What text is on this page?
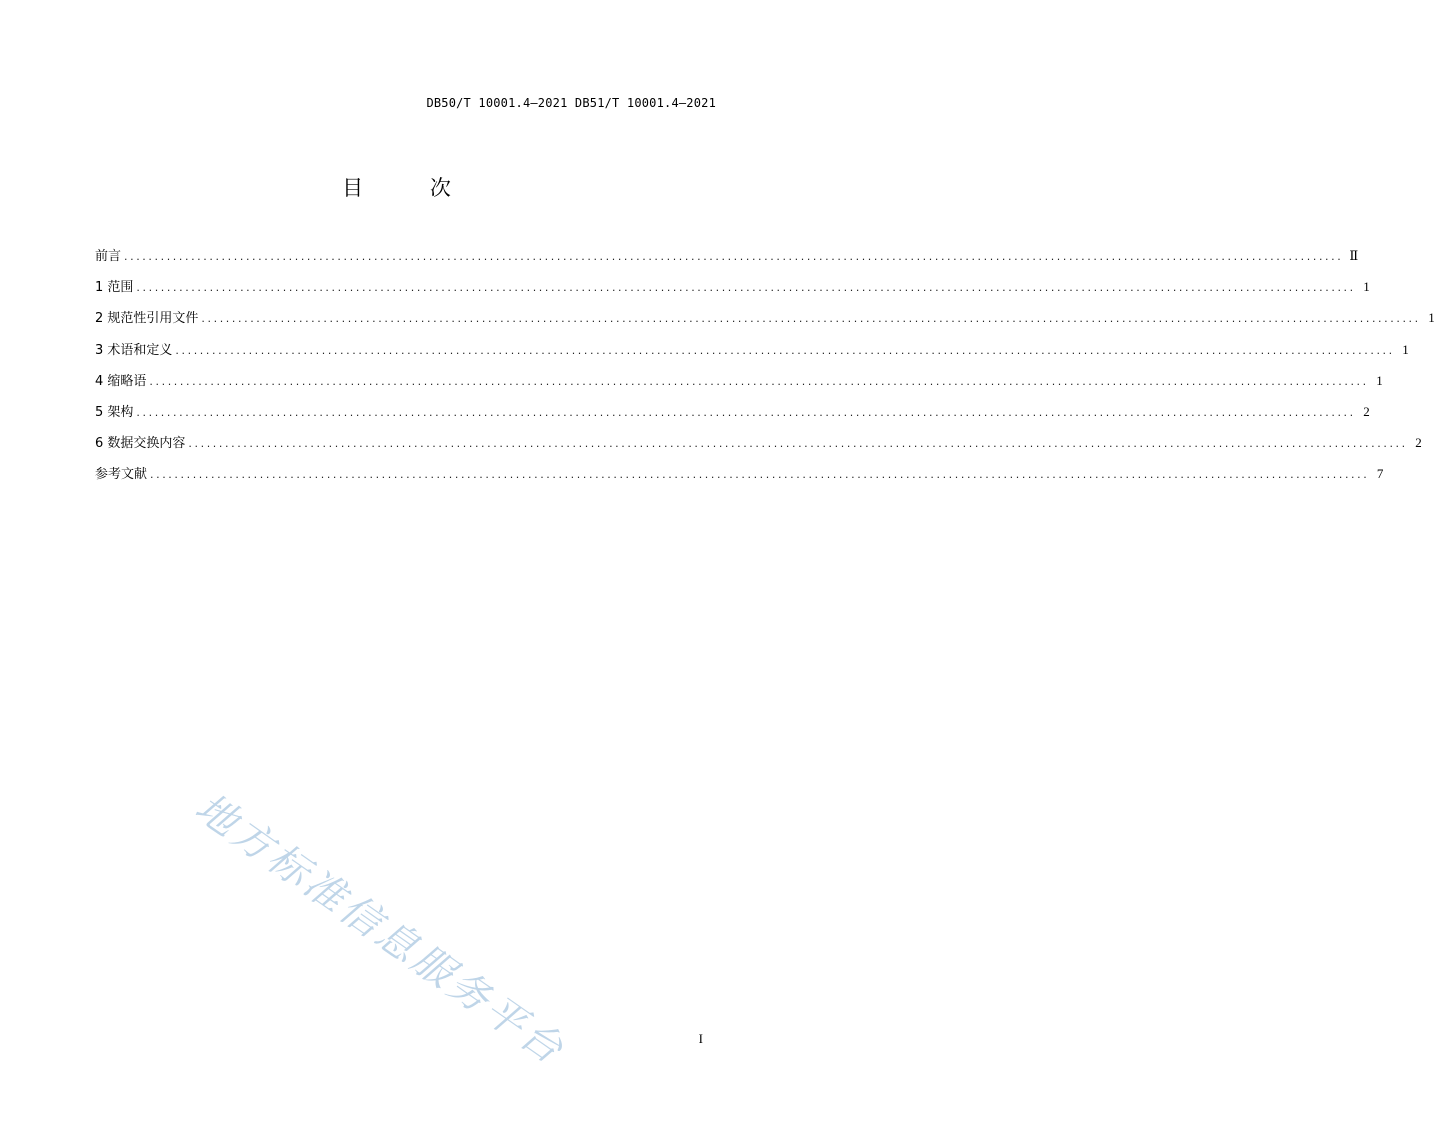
DB50/T 10001.4—2021 DB51/T 10001.4—2021
目 次
前言 ........................................................................................................................................................................................................ Ⅱ
1 范围 ........................................................................................................................................................................................................ 1
2 规范性引用文件 ........................................................................................................................................................................................................ 1
3 术语和定义 ........................................................................................................................................................................................................ 1
4 缩略语 ........................................................................................................................................................................................................ 1
5 架构 ........................................................................................................................................................................................................ 2
6 数据交换内容 ........................................................................................................................................................................................................ 2
参考文献 ........................................................................................................................................................................................................ 7
地方标准信息服务平台	I
